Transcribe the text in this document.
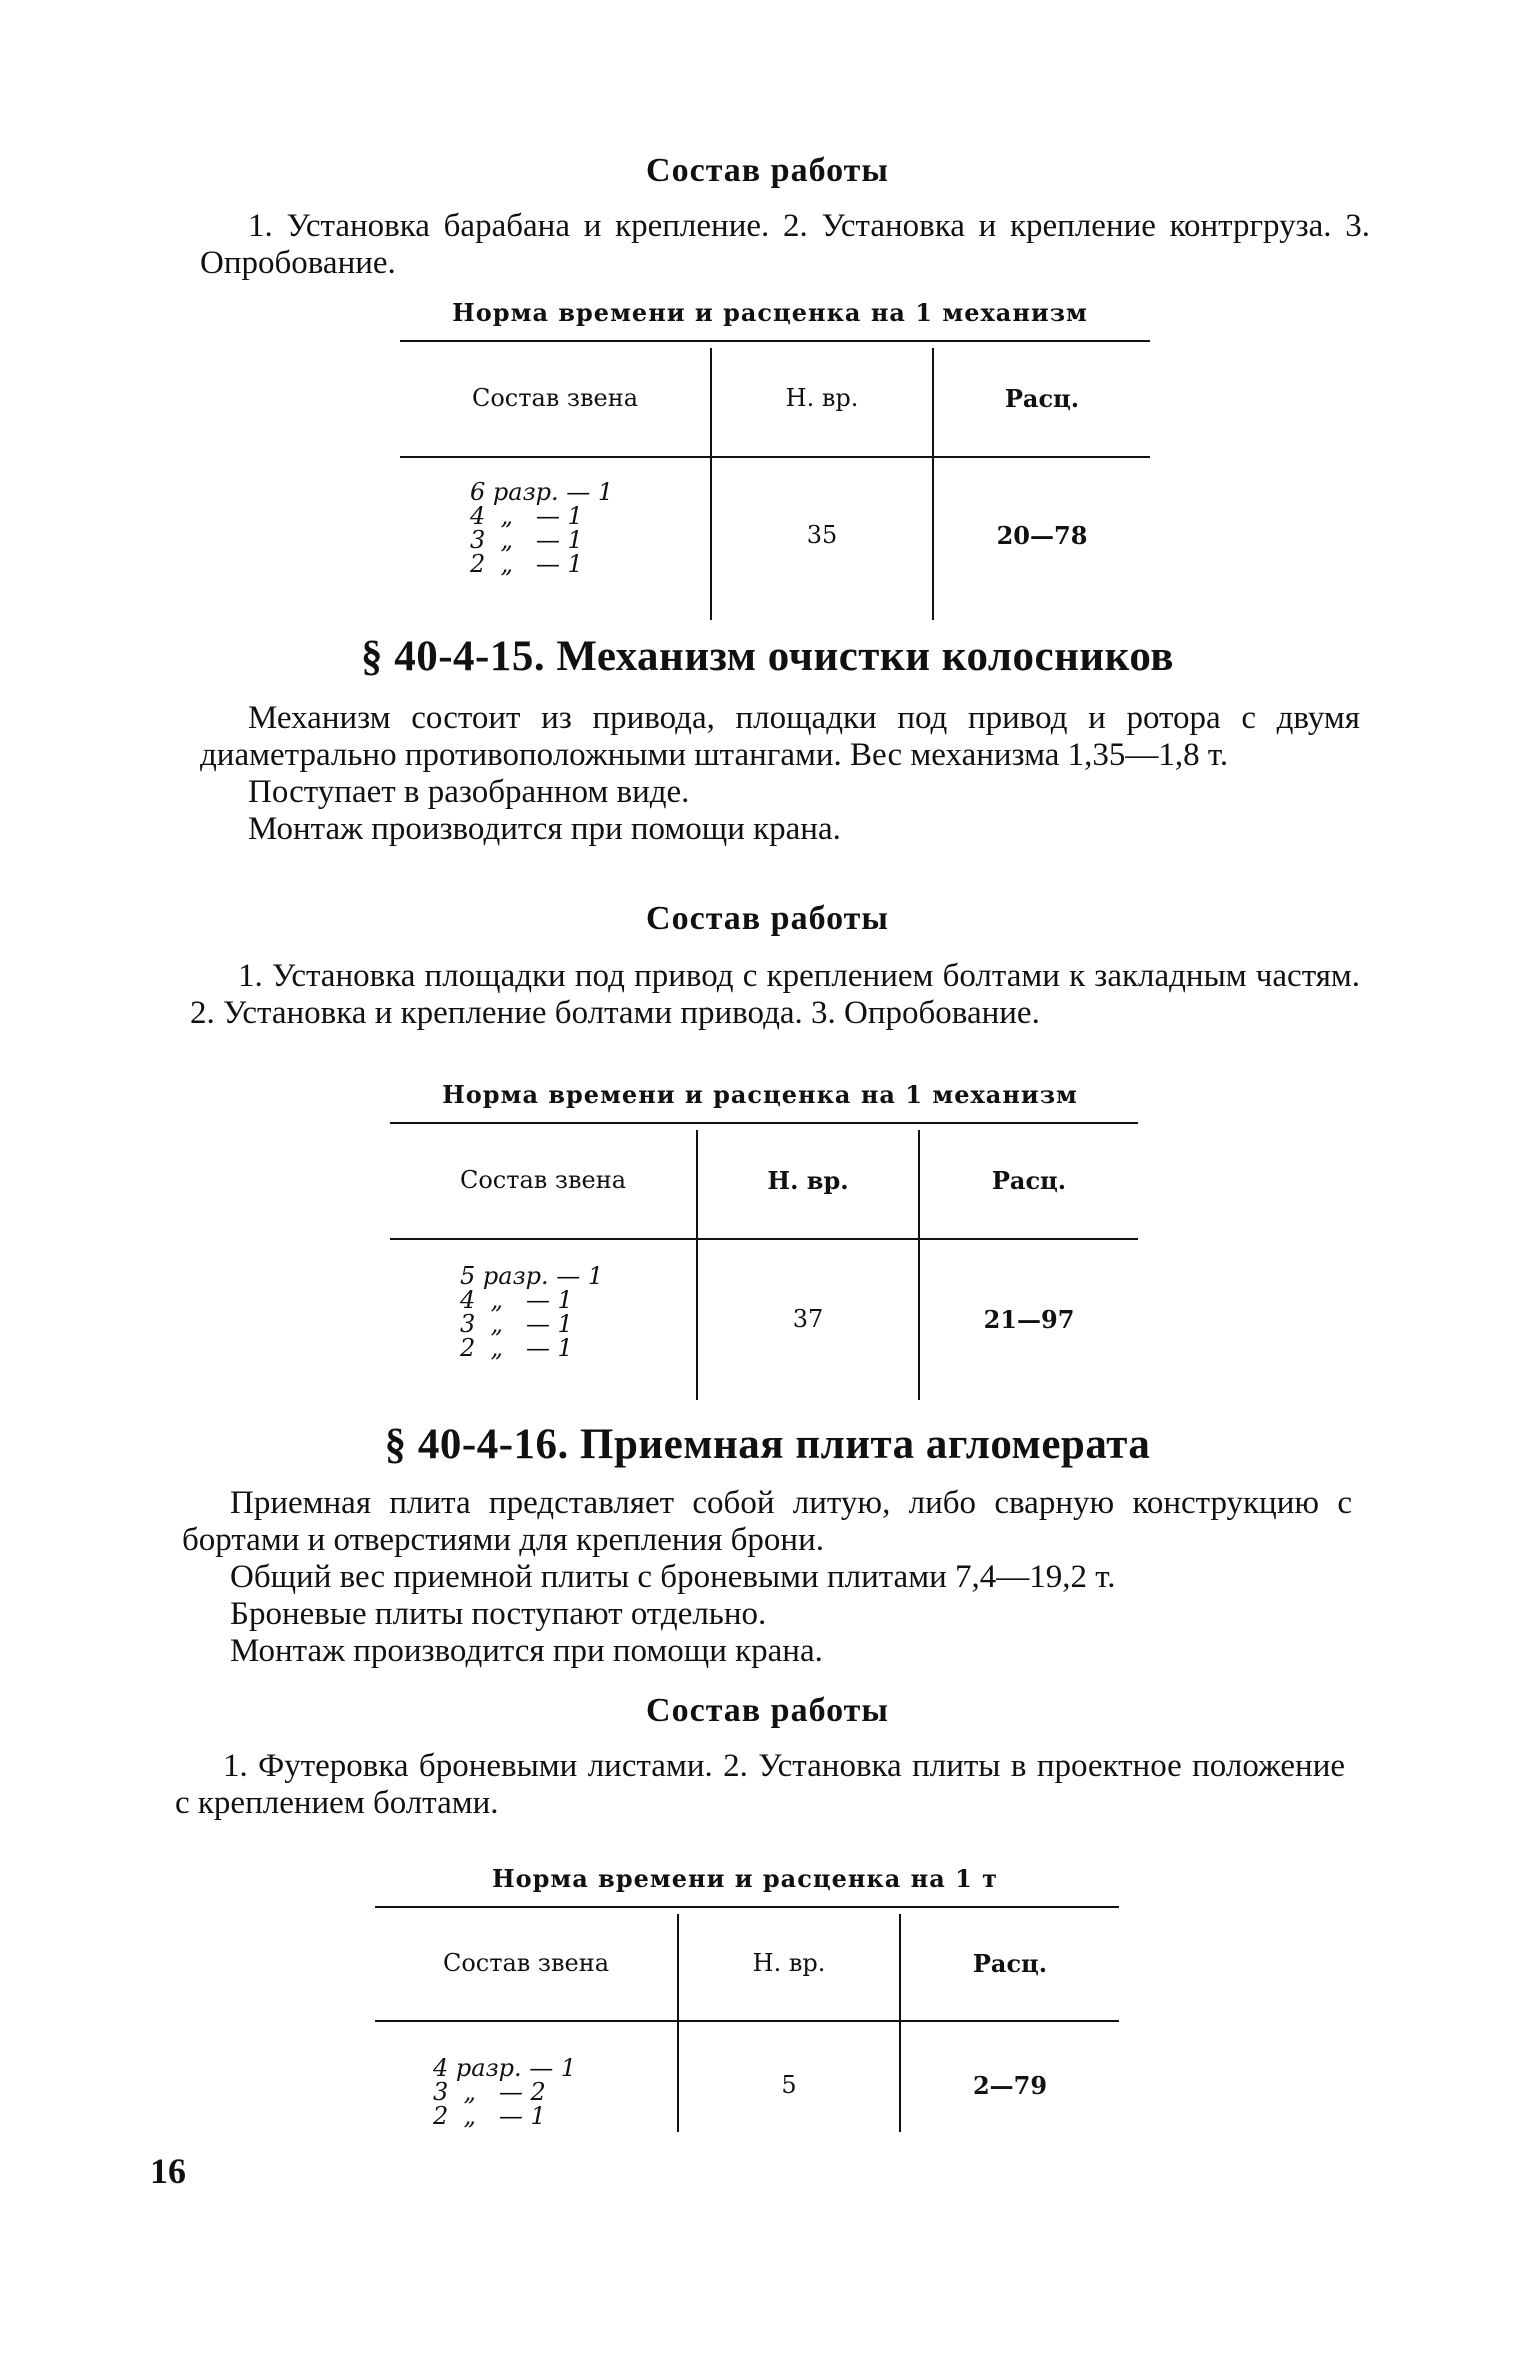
Состав работы
1. Установка барабана и крепление. 2. Установка и крепление контргруза. 3. Опробование.
Норма времени и расценка на 1 механизм
Состав звена	Н. вр.	Расц.
6 разр. — 1
4  „   — 1
3  „   — 1
2  „   — 1
35	20—78
§ 40-4-15. Механизм очистки колосников

Механизм состоит из привода, площадки под привод и ротора с двумя диаметрально противоположными штангами. Вес механизма 1,35—1,8 т.

Поступает в разобранном виде.

Монтаж производится при помощи крана.

Состав работы
1. Установка площадки под привод с креплением болтами к закладным частям. 2. Установка и крепление болтами привода. 3. Опробование.
Норма времени и расценка на 1 механизм
Состав звена	Н. вр.	Расц.
5 разр. — 1
4  „   — 1
3  „   — 1
2  „   — 1
37	21—97
§ 40-4-16. Приемная плита агломерата

Приемная плита представляет собой литую, либо сварную конструкцию с бортами и отверстиями для крепления брони.

Общий вес приемной плиты с броневыми плитами 7,4—19,2 т.

Броневые плиты поступают отдельно.

Монтаж производится при помощи крана.

Состав работы
1. Футеровка броневыми листами. 2. Установка плиты в проектное положение с креплением болтами.
Норма времени и расценка на 1 т
Состав звена	Н. вр.	Расц.
4 разр. — 1
3  „   — 2
2  „   — 1
5	2—79
16
